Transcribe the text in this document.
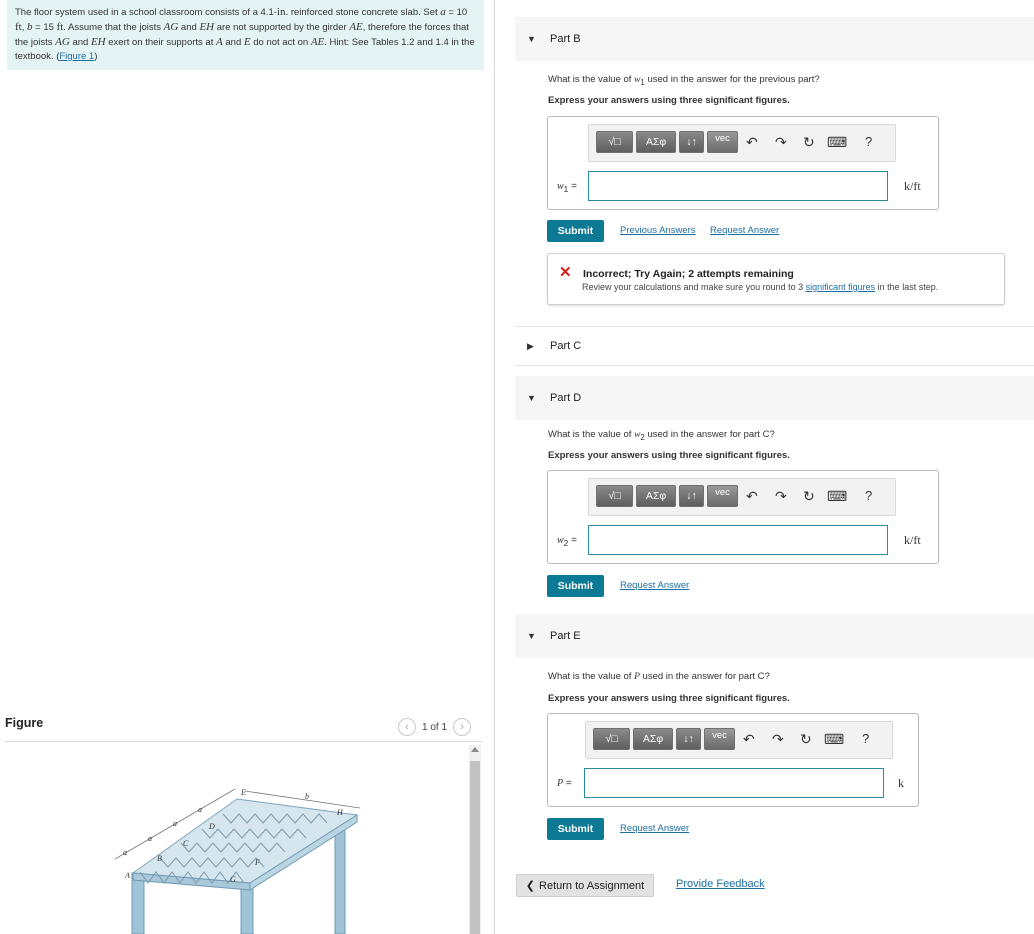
The floor system used in a school classroom consists of a 4.1-in. reinforced stone concrete slab. Set a = 10 ft, b = 15 ft. Assume that the joists AG and EH are not supported by the girder AE, therefore the forces that the joists AG and EH exert on their supports at A and E do not act on AE. Hint: See Tables 1.2 and 1.4 in the textbook. (Figure 1)
Figure	‹	1 of 1	›
a
a
a
a
b
A
B
C
D
E
F
G
H
▼ Part B
What is the value of $w_1$ used in the answer for the previous part?
Express your answers using three significant figures.
√□	ΑΣφ	↓↑	vec	↶ ↷ ↻ ⌨ ?
$w_1$ =	k/ft
Submit	Previous Answers Request Answer
✕ Incorrect; Try Again; 2 attempts remaining
Review your calculations and make sure you round to 3 significant figures in the last step.
▶ Part C
▼ Part D
What is the value of $w_2$ used in the answer for part C?
Express your answers using three significant figures.
√□	ΑΣφ	↓↑	vec	↶ ↷ ↻ ⌨ ?
$w_2$ =	k/ft
Submit	Request Answer
▼ Part E
What is the value of P used in the answer for part C?
Express your answers using three significant figures.
√□	ΑΣφ	↓↑	vec	↶ ↷ ↻ ⌨ ?
P =	k
Submit	Request Answer
❮ Return to Assignment	Provide Feedback
